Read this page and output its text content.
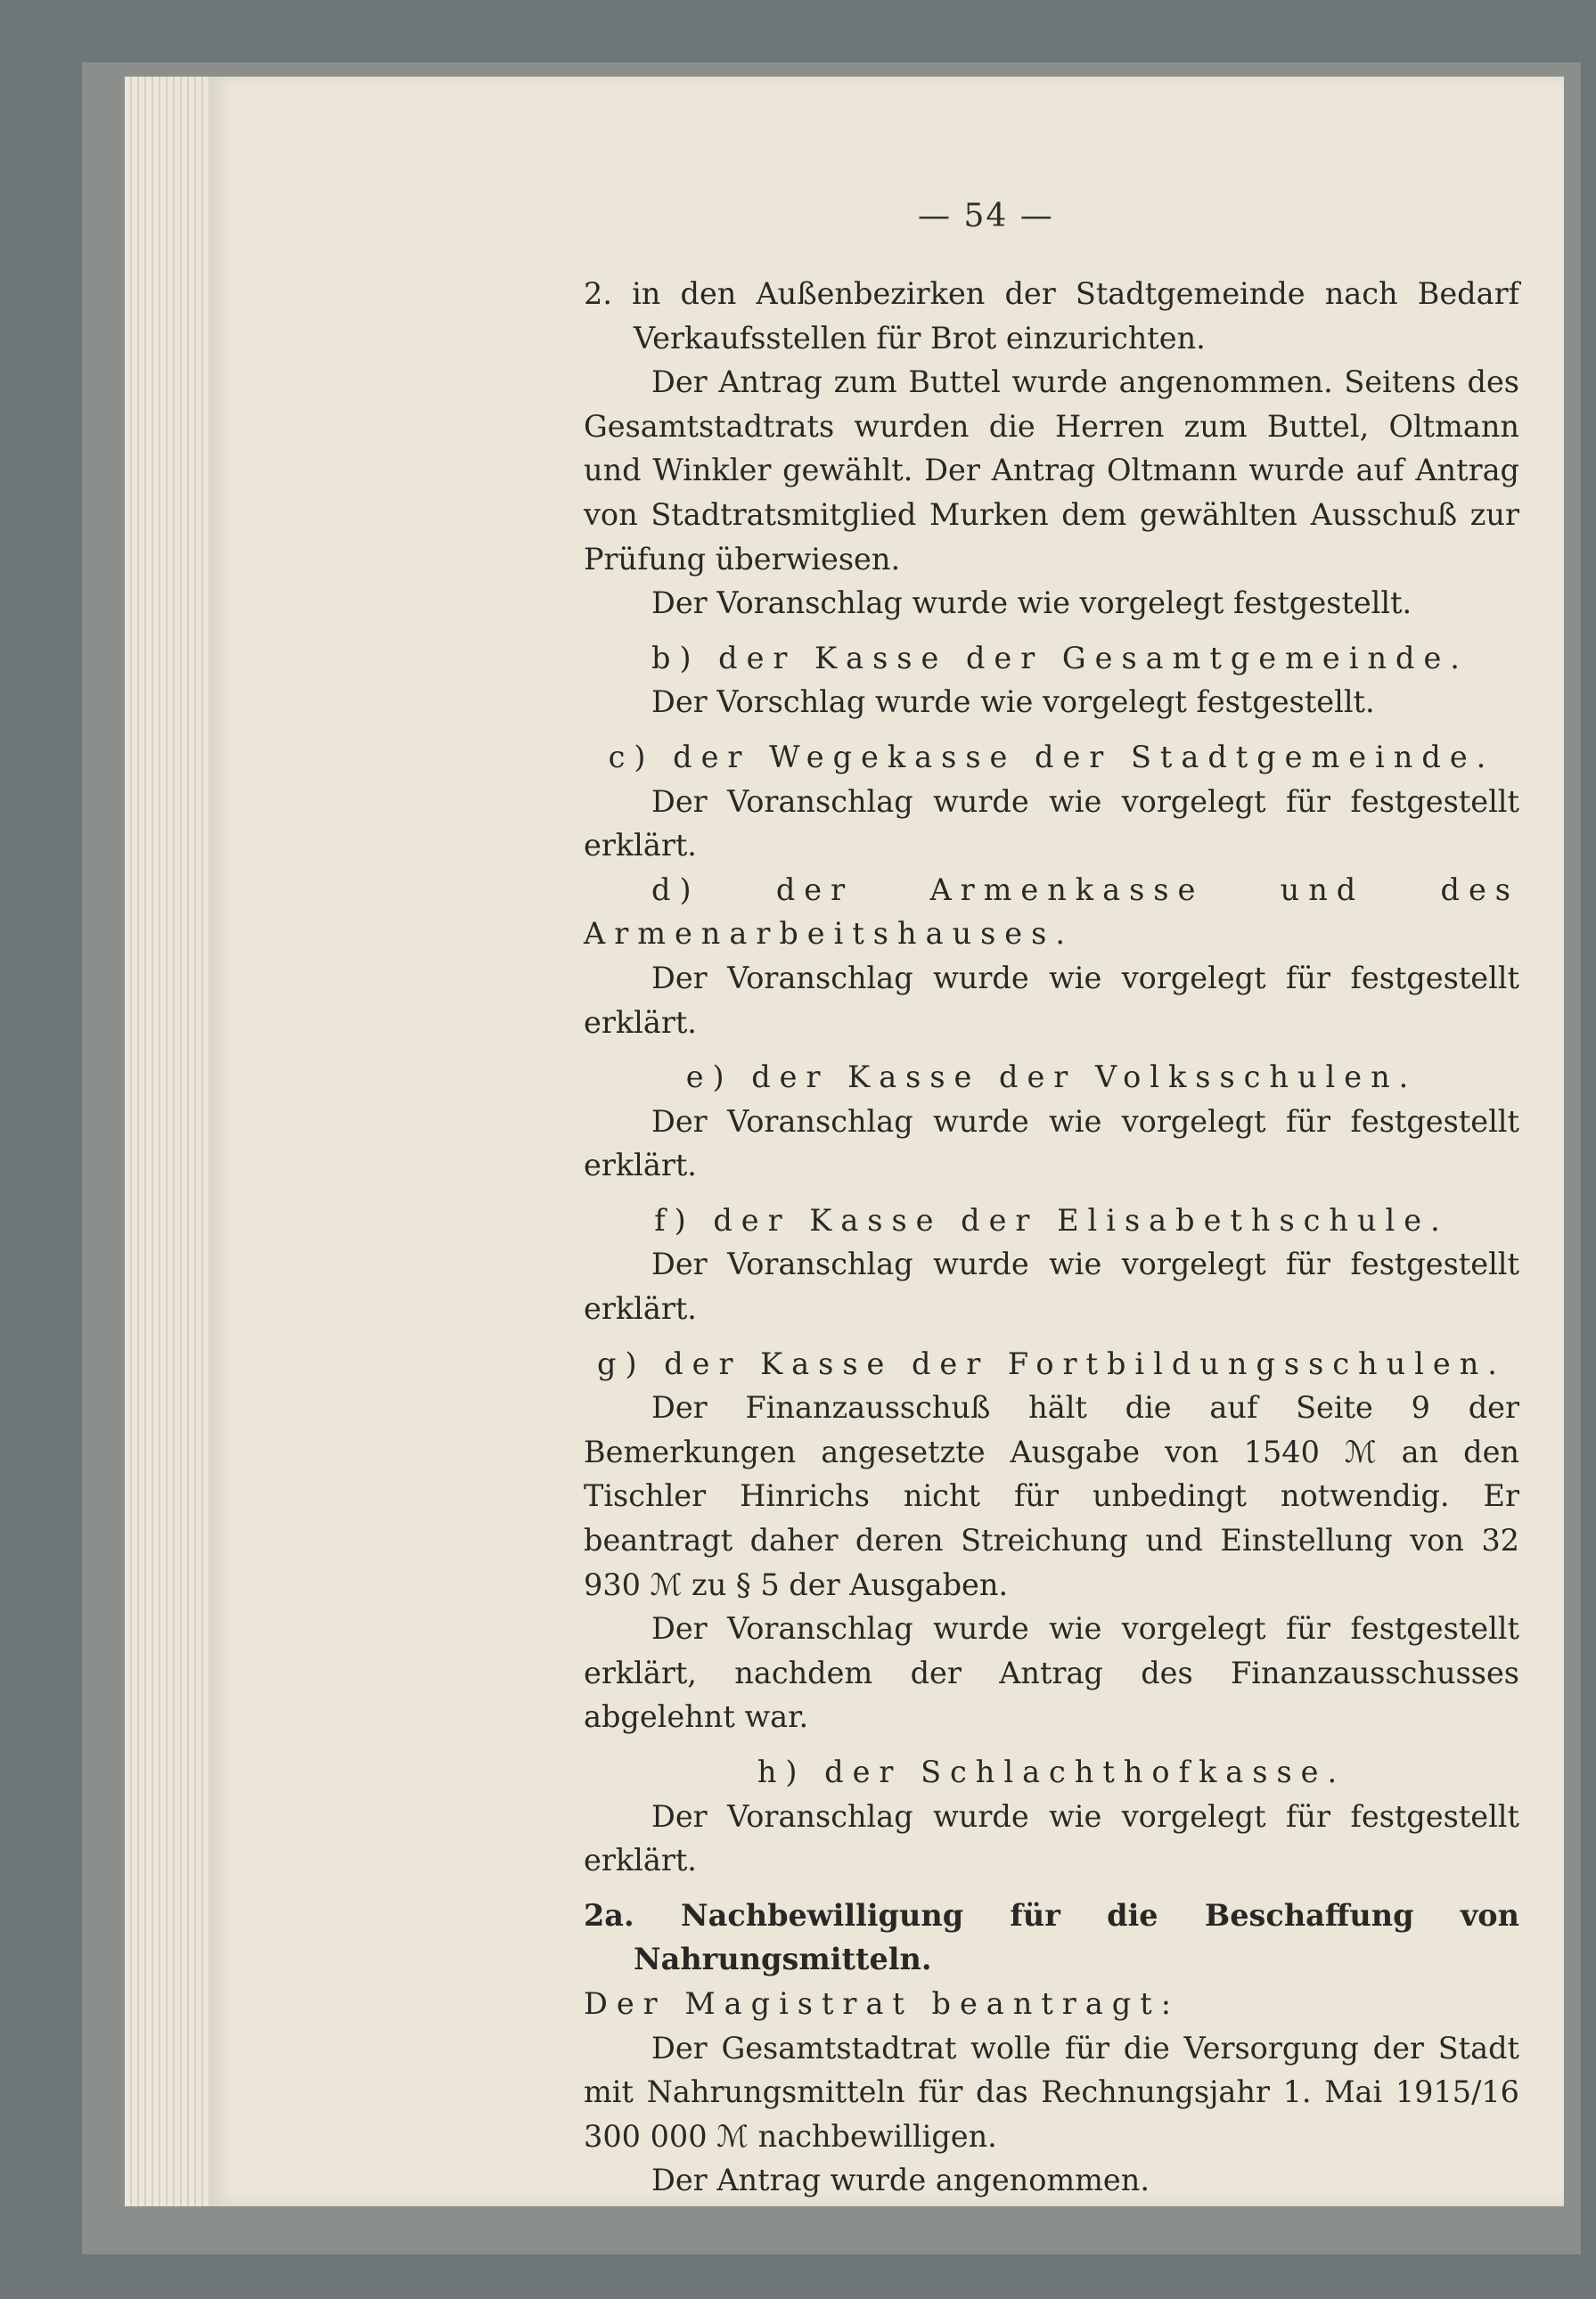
— 54 —

2. in den Außenbezirken der Stadtgemeinde nach Bedarf Verkaufsstellen für Brot einzurichten.

Der Antrag zum Buttel wurde angenommen. Seitens des Gesamtstadtrats wurden die Herren zum Buttel, Oltmann und Winkler gewählt. Der Antrag Oltmann wurde auf Antrag von Stadtratsmitglied Murken dem gewählten Ausschuß zur Prüfung überwiesen.

Der Voranschlag wurde wie vorgelegt festgestellt.

b) der Kasse der Gesamtgemeinde.

Der Vorschlag wurde wie vorgelegt festgestellt.

c) der Wegekasse der Stadtgemeinde.

Der Voranschlag wurde wie vorgelegt für festgestellt erklärt.

d) der Armenkasse und des Armenarbeitshauses.

Der Voranschlag wurde wie vorgelegt für festgestellt erklärt.

e) der Kasse der Volksschulen.

Der Voranschlag wurde wie vorgelegt für festgestellt erklärt.

f) der Kasse der Elisabethschule.

Der Voranschlag wurde wie vorgelegt für festgestellt erklärt.

g) der Kasse der Fortbildungsschulen.

Der Finanzausschuß hält die auf Seite 9 der Bemerkungen angesetzte Ausgabe von 1540 ℳ an den Tischler Hinrichs nicht für unbedingt notwendig. Er beantragt daher deren Streichung und Einstellung von 32 930 ℳ zu § 5 der Ausgaben.

Der Voranschlag wurde wie vorgelegt für festgestellt erklärt, nachdem der Antrag des Finanzausschusses abgelehnt war.

h) der Schlachthofkasse.

Der Voranschlag wurde wie vorgelegt für festgestellt erklärt.

2a. Nachbewilligung für die Beschaffung von Nahrungsmitteln.

Der Magistrat beantragt:

Der Gesamtstadtrat wolle für die Versorgung der Stadt mit Nahrungsmitteln für das Rechnungsjahr 1. Mai 1915/16 300 000 ℳ nachbewilligen.

Der Antrag wurde angenommen.
